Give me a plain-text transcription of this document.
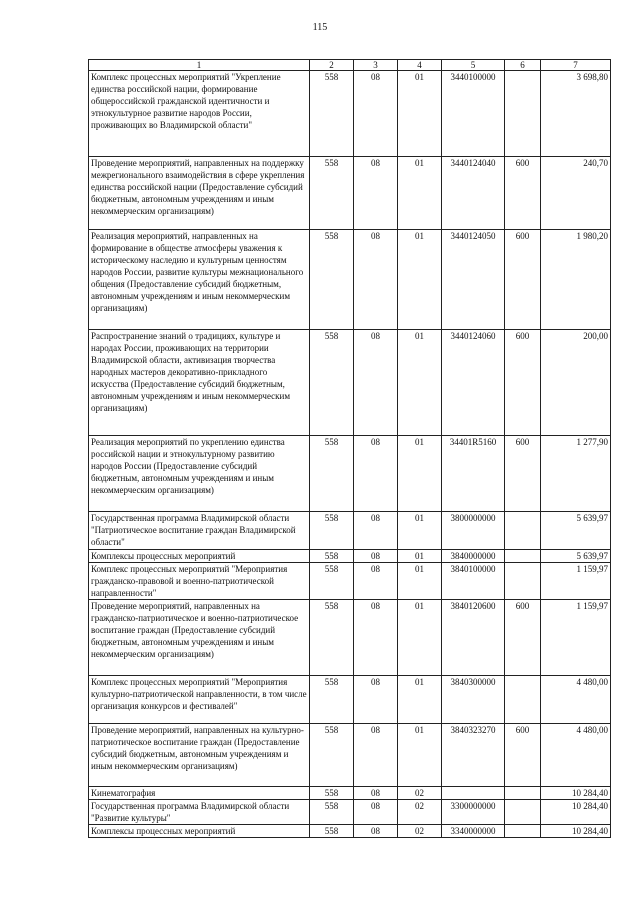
115
1	2	3	4	5	6	7
Комплекс процессных мероприятий "Укрепление единства российской нации, формирование общероссийской гражданской идентичности и этнокультурное развитие народов России, проживающих во Владимирской области"	558	08	01	3440100000		3 698,80
Проведение мероприятий, направленных на поддержку межрегионального взаимодействия в сфере укрепления единства российской нации (Предоставление субсидий бюджетным, автономным учреждениям и иным некоммерческим организациям)	558	08	01	3440124040	600	240,70
Реализация мероприятий, направленных на формирование в обществе атмосферы уважения к историческому наследию и культурным ценностям народов России, развитие культуры межнационального общения (Предоставление субсидий бюджетным, автономным учреждениям и иным некоммерческим организациям)	558	08	01	3440124050	600	1 980,20
Распространение знаний о традициях, культуре и народах России, проживающих на территории Владимирской области, активизация творчества народных мастеров декоративно-прикладного искусства (Предоставление субсидий бюджетным, автономным учреждениям и иным некоммерческим организациям)	558	08	01	3440124060	600	200,00
Реализация мероприятий по укреплению единства российской нации и этнокультурному развитию народов России (Предоставление субсидий бюджетным, автономным учреждениям и иным некоммерческим организациям)	558	08	01	34401R5160	600	1 277,90
Государственная программа Владимирской области "Патриотическое воспитание граждан Владимирской области"	558	08	01	3800000000		5 639,97
Комплексы процессных мероприятий	558	08	01	3840000000		5 639,97
Комплекс процессных мероприятий "Мероприятия гражданско-правовой и военно-патриотической направленности"	558	08	01	3840100000		1 159,97
Проведение мероприятий, направленных на гражданско-патриотическое и военно-патриотическое воспитание граждан (Предоставление субсидий бюджетным, автономным учреждениям и иным некоммерческим организациям)	558	08	01	3840120600	600	1 159,97
Комплекс процессных мероприятий "Мероприятия культурно-патриотической направленности, в том числе организация конкурсов и фестивалей"	558	08	01	3840300000		4 480,00
Проведение мероприятий, направленных на культурно-патриотическое воспитание граждан (Предоставление субсидий бюджетным, автономным учреждениям и иным некоммерческим организациям)	558	08	01	3840323270	600	4 480,00
Кинематография	558	08	02			10 284,40
Государственная программа Владимирской области "Развитие культуры"	558	08	02	3300000000		10 284,40
Комплексы процессных мероприятий	558	08	02	3340000000		10 284,40
